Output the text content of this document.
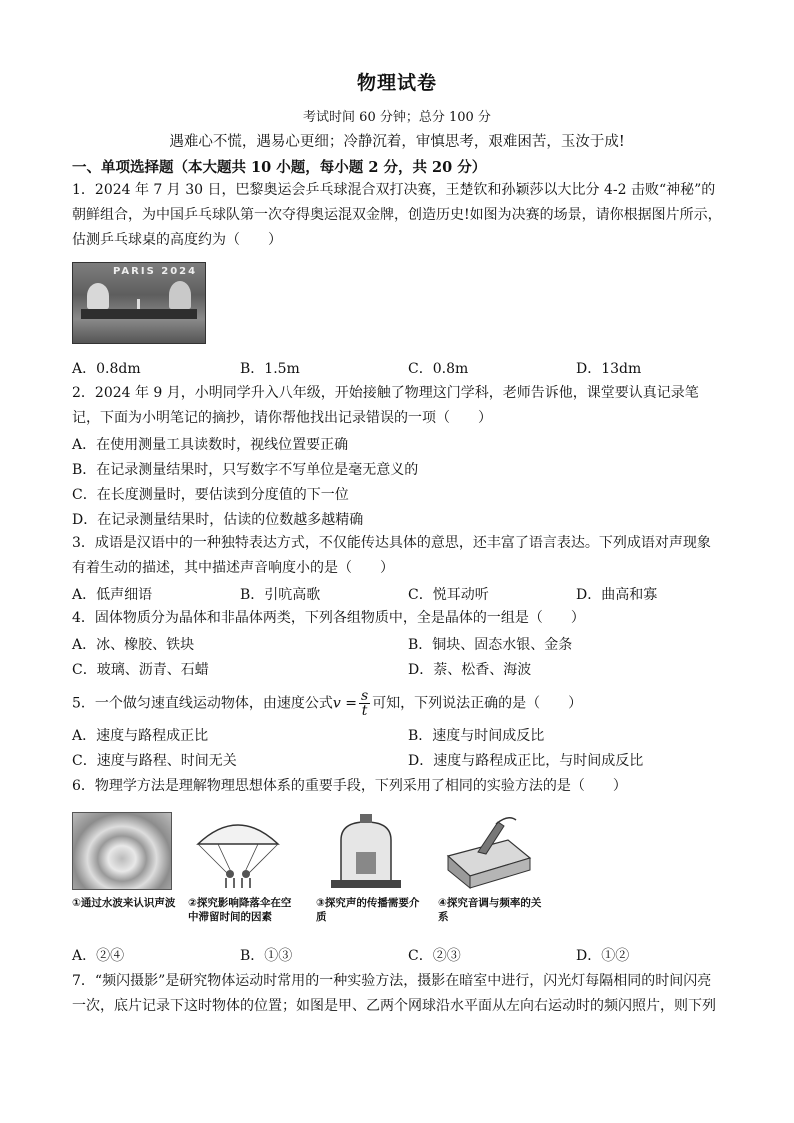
物理试卷
考试时间 60 分钟；总分 100 分
遇难心不慌，遇易心更细；冷静沉着，审慎思考，艰难困苦，玉汝于成!
一、单项选择题（本大题共 10 小题，每小题 2 分，共 20 分）

1．2024 年 7 月 30 日，巴黎奥运会乒乓球混合双打决赛，王楚钦和孙颖莎以大比分 4-2 击败“神秘”的朝鲜组合，为中国乒乓球队第一次夺得奥运混双金牌，创造历史!如图为决赛的场景，请你根据图片所示，估测乒乓球桌的高度约为（　　）

PARIS 2024
A．0.8dm	B．1.5m	C．0.8m	D．13dm

2．2024 年 9 月，小明同学升入八年级，开始接触了物理这门学科，老师告诉他，课堂要认真记录笔记，下面为小明笔记的摘抄，请你帮他找出记录错误的一项（　　）

A．在使用测量工具读数时，视线位置要正确
B．在记录测量结果时，只写数字不写单位是毫无意义的
C．在长度测量时，要估读到分度值的下一位
D．在记录测量结果时，估读的位数越多越精确

3．成语是汉语中的一种独特表达方式，不仅能传达具体的意思，还丰富了语言表达。下列成语对声现象有着生动的描述，其中描述声音响度小的是（　　）

A．低声细语	B．引吭高歌	C．悦耳动听	D．曲高和寡

4．固体物质分为晶体和非晶体两类，下列各组物质中，全是晶体的一组是（　　）

A．冰、橡胶、铁块	B．铜块、固态水银、金条
C．玻璃、沥青、石蜡	D．萘、松香、海波
5．一个做匀速直线运动物体，由速度公式$v = \frac{s}{t}$ 可知，下列说法正确的是（　　）
A．速度与路程成正比	B．速度与时间成反比
C．速度与路程、时间无关	D．速度与路程成正比，与时间成反比
6．物理学方法是理解物理思想体系的重要手段，下列采用了相同的实验方法的是（　　）
①通过水波来认识声波	②探究影响降落伞在空中滞留时间的因素
③探究声的传播需要介质
④探究音调与频率的关系
A．②④	B．①③	C．②③	D．①②

7．“频闪摄影”是研究物体运动时常用的一种实验方法，摄影在暗室中进行，闪光灯每隔相同的时间闪亮一次，底片记录下这时物体的位置；如图是甲、乙两个网球沿水平面从左向右运动时的频闪照片，则下列
